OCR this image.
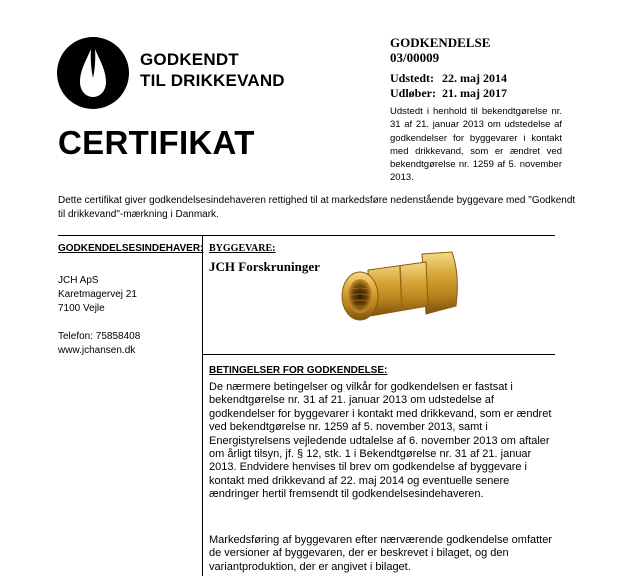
GODKENDT
TIL DRIKKEVAND
CERTIFIKAT
GODKENDELSE
03/00009
Udstedt: 22. maj 2014
Udløber: 21. maj 2017
Udstedt i henhold til bekendtgørelse nr. 31 af 21. januar 2013 om udstedelse af godkendelser for byggevarer i kontakt med drikkevand, som er ændret ved bekendtgørelse nr. 1259 af 5. november 2013.
Dette certifikat giver godkendelsesindehaveren rettighed til at markedsføre nedenstående byggevare med "Godkendt til drikkevand"-mærkning i Danmark.
GODKENDELSESINDEHAVER:
JCH ApS
Karetmagervej 21
7100 Vejle
Telefon: 75858408
www.jchansen.dk
BYGGEVARE:
JCH Forskruninger
BETINGELSER FOR GODKENDELSE:
De nærmere betingelser og vilkår for godkendelsen er fastsat i bekendtgørelse nr. 31 af 21. januar 2013 om udstedelse af godkendelser for byggevarer i kontakt med drikkevand, som er ændret ved bekendtgørelse nr. 1259 af 5. november 2013, samt i Energistyrelsens vejledende udtalelse af 6. november 2013 om aftaler om årligt tilsyn, jf. § 12, stk. 1 i Bekendtgørelse nr. 31 af 21. januar 2013. Endvidere henvises til brev om godkendelse af byggevare i kontakt med drikkevand af 22. maj 2014 og eventuelle senere ændringer hertil fremsendt til godkendelsesindehaveren.
Markedsføring af byggevaren efter nærværende godkendelse omfatter de versioner af byggevaren, der er beskrevet i bilaget, og den variantproduktion, der er angivet i bilaget.
